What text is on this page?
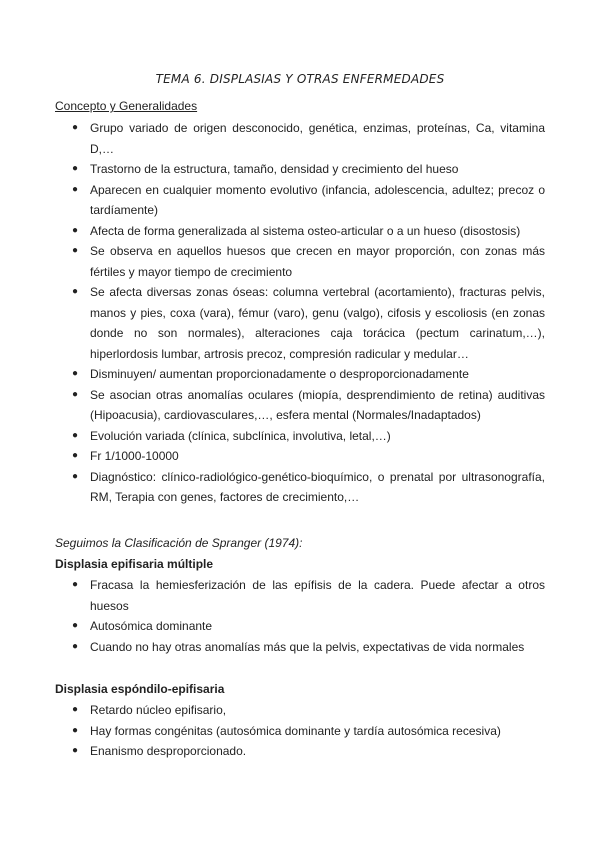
TEMA 6. DISPLASIAS Y OTRAS ENFERMEDADES
Concepto y Generalidades
● Grupo variado de origen desconocido, genética, enzimas, proteínas, Ca, vitamina D,…
● Trastorno de la estructura, tamaño, densidad y crecimiento del hueso
● Aparecen en cualquier momento evolutivo (infancia, adolescencia, adultez; precoz o tardíamente)
● Afecta de forma generalizada al sistema osteo-articular o a un hueso (disostosis)
● Se observa en aquellos huesos que crecen en mayor proporción, con zonas más fértiles y mayor tiempo de crecimiento
● Se afecta diversas zonas óseas: columna vertebral (acortamiento), fracturas pelvis, manos y pies, coxa (vara), fémur (varo), genu (valgo), cifosis y escoliosis (en zonas donde no son normales), alteraciones caja torácica (pectum carinatum,…), hiperlordosis lumbar, artrosis precoz, compresión radicular y medular…
● Disminuyen/ aumentan proporcionadamente o desproporcionadamente
● Se asocian otras anomalías oculares (miopía, desprendimiento de retina) auditivas (Hipoacusia), cardiovasculares,…, esfera mental (Normales/Inadaptados)
● Evolución variada (clínica, subclínica, involutiva, letal,…)
● Fr 1/1000-10000
● Diagnóstico: clínico-radiológico-genético-bioquímico, o prenatal por ultrasonografía, RM, Terapia con genes, factores de crecimiento,…
Seguimos la Clasificación de Spranger (1974):
Displasia epifisaria múltiple
● Fracasa la hemiesferización de las epífisis de la cadera. Puede afectar a otros huesos
● Autosómica dominante
● Cuando no hay otras anomalías más que la pelvis, expectativas de vida normales
Displasia espóndilo-epifisaria
● Retardo núcleo epifisario,
● Hay formas congénitas (autosómica dominante y tardía autosómica recesiva)
● Enanismo desproporcionado.
